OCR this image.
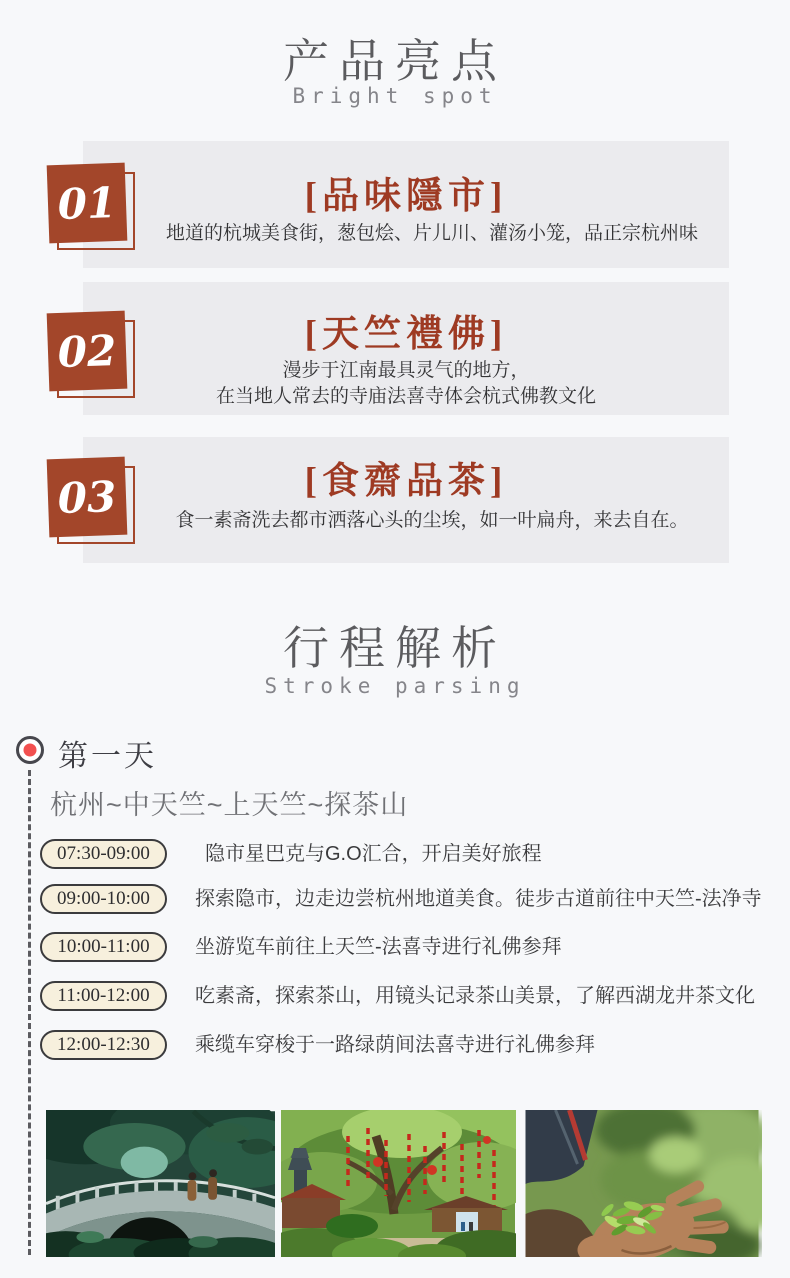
产品亮点
Bright spot
01	[品味隱市]
地道的杭城美食街，葱包烩、片儿川、灌汤小笼，品正宗杭州味
02	[天竺禮佛]
漫步于江南最具灵气的地方，
在当地人常去的寺庙法喜寺体会杭式佛教文化
03	[食齋品茶]
食一素斋洗去都市洒落心头的尘埃，如一叶扁舟，来去自在。
行程解析
Stroke parsing
第一天
杭州~中天竺~上天竺~探茶山
07:30-09:00	隐市星巴克与G.O汇合，开启美好旅程
09:00-10:00	探索隐市，边走边尝杭州地道美食。徒步古道前往中天竺-法净寺
10:00-11:00	坐游览车前往上天竺-法喜寺进行礼佛参拜
11:00-12:00	吃素斋，探索茶山，用镜头记录茶山美景，了解西湖龙井茶文化
12:00-12:30	乘缆车穿梭于一路绿荫间法喜寺进行礼佛参拜
